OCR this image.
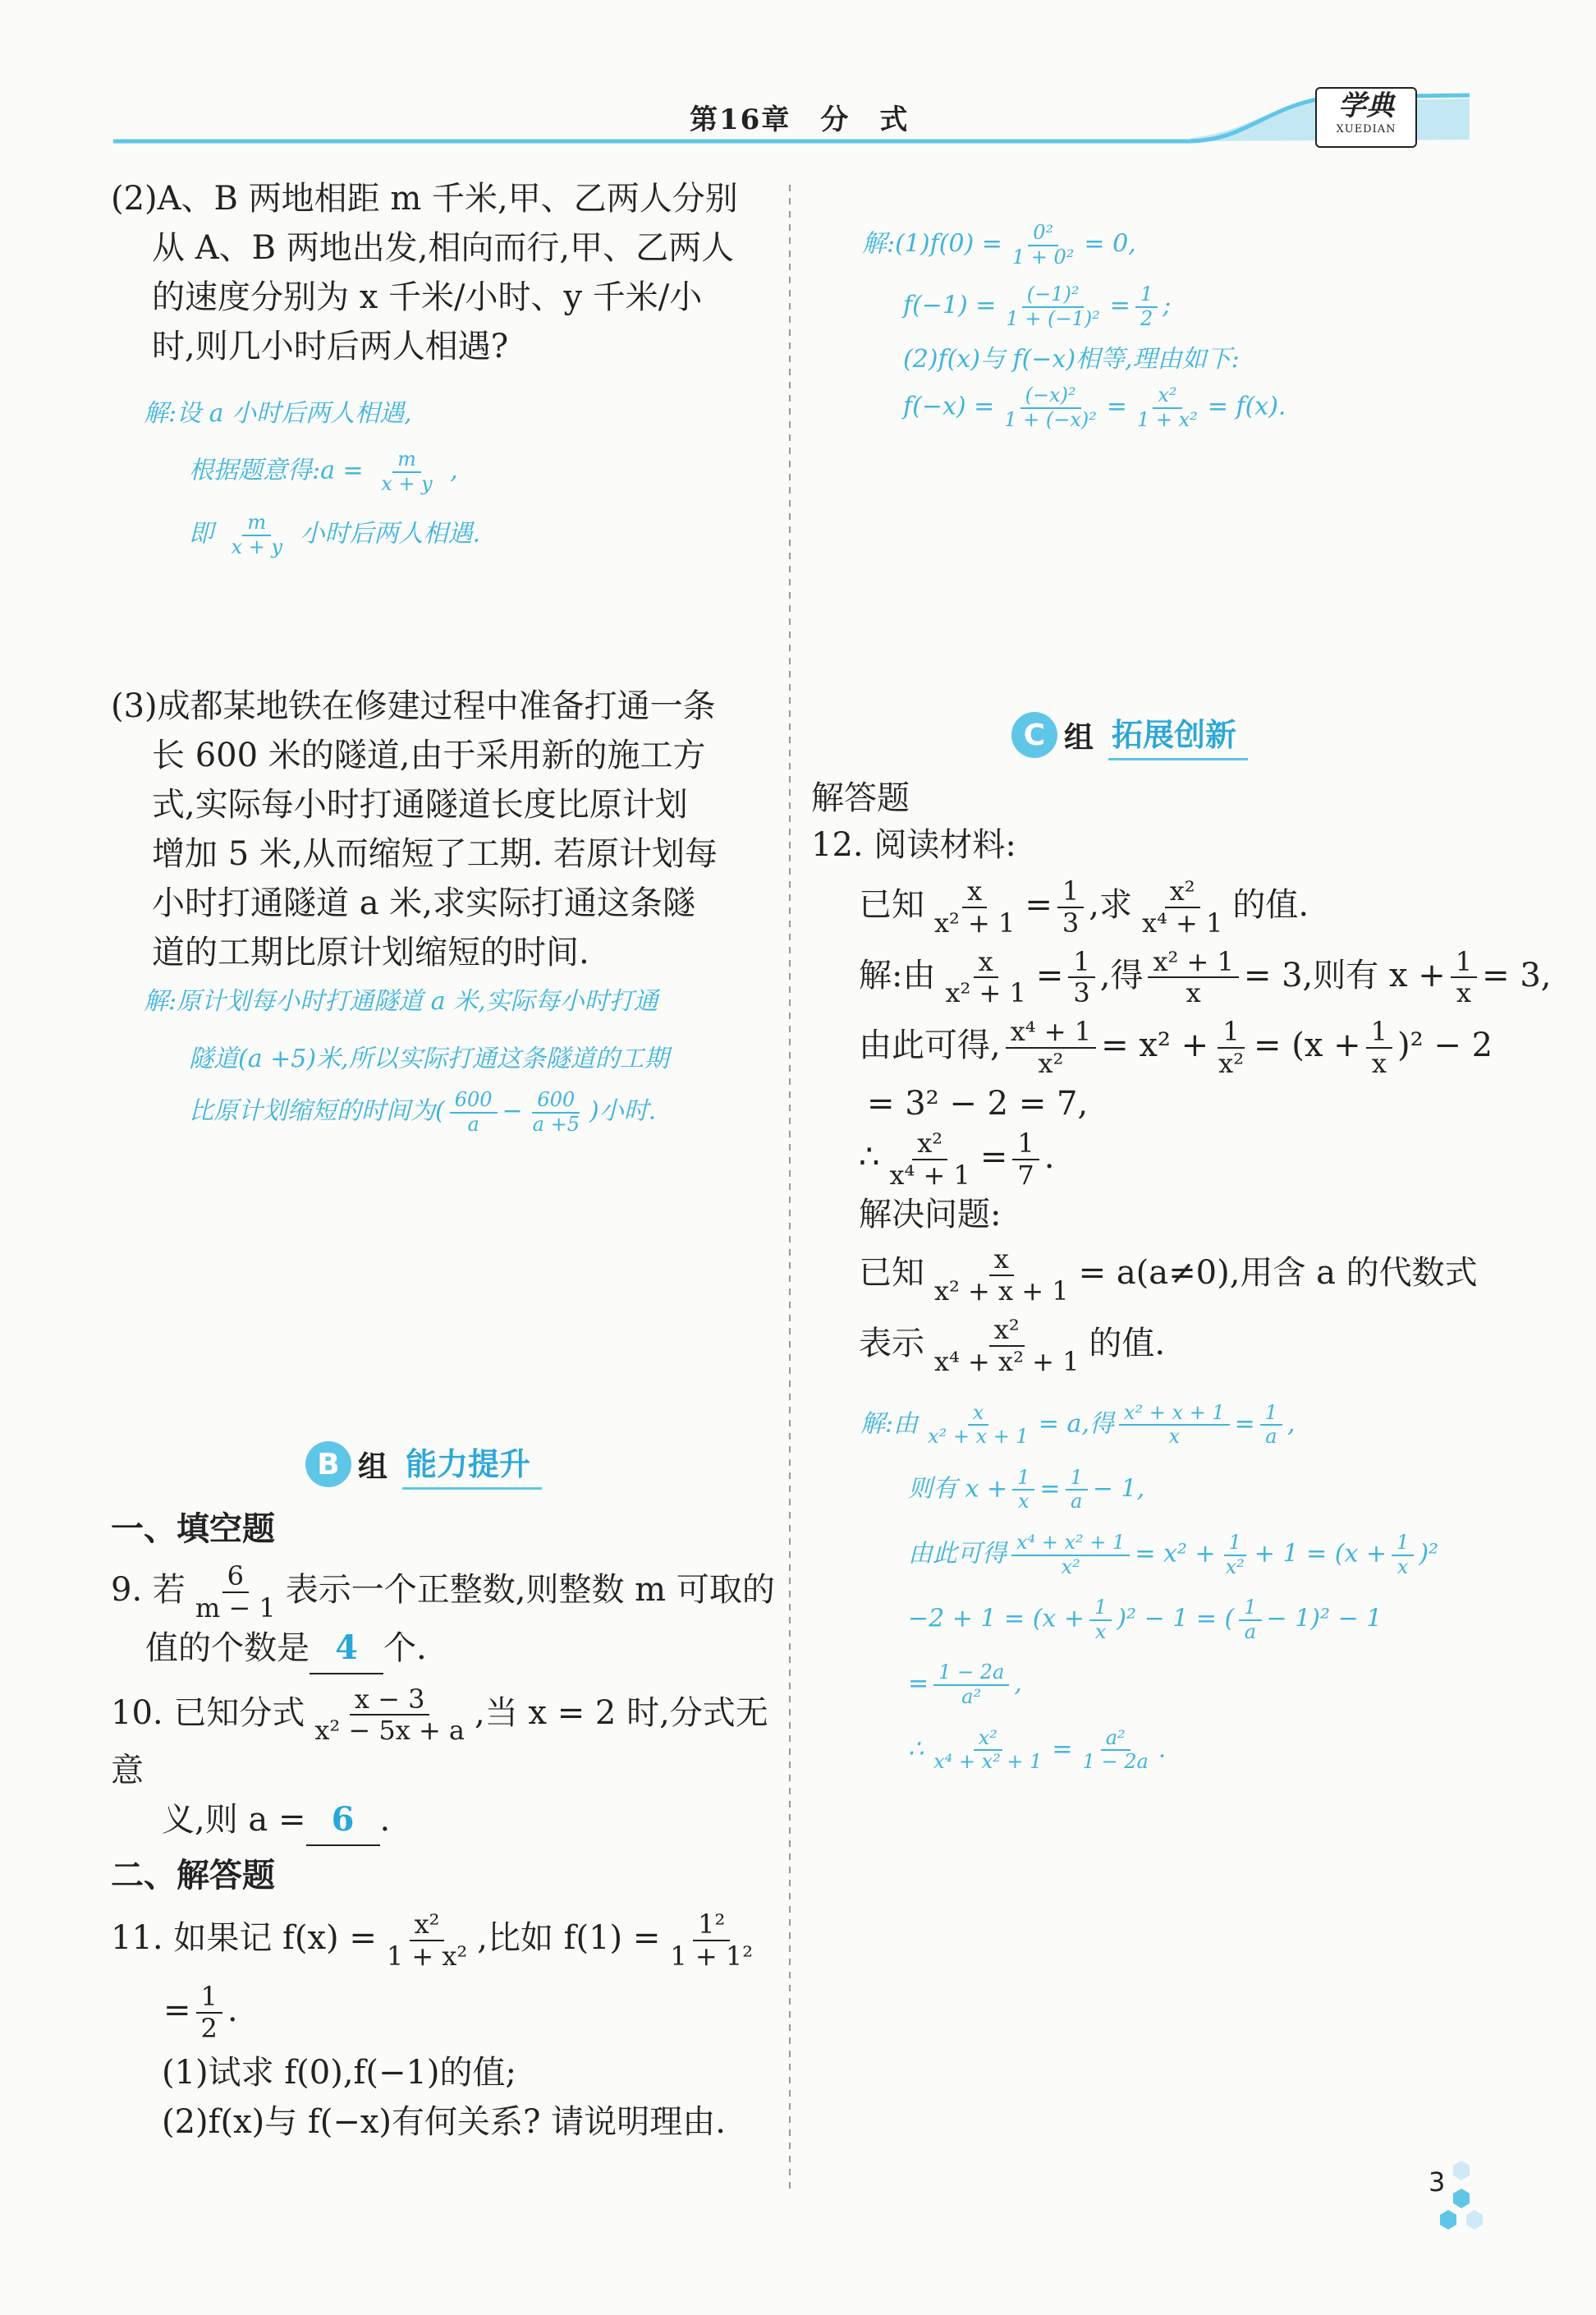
第16章　分　式	学典
XUEDIAN
(2)A、B 两地相距 m 千米,甲、乙两人分别
从 A、B 两地出发,相向而行,甲、乙两人
的速度分别为 x 千米/小时、y 千米/小
时,则几小时后两人相遇?
解:设 a 小时后两人相遇,
根据题意得:a = $\frac{m}{x + y}$ ,
即 $\frac{m}{x + y}$ 小时后两人相遇.
(3)成都某地铁在修建过程中准备打通一条
长 600 米的隧道,由于采用新的施工方
式,实际每小时打通隧道长度比原计划
增加 5 米,从而缩短了工期. 若原计划每
小时打通隧道 a 米,求实际打通这条隧
道的工期比原计划缩短的时间.
解:原计划每小时打通隧道 a 米,实际每小时打通
隧道(a +5)米,所以实际打通这条隧道的工期
比原计划缩短的时间为( $\frac{600}{a} - \frac{600}{a +5}$ )小时.
B 组 能力提升
一、填空题
9. 若 $\frac{6}{m - 1}$ 表示一个正整数,则整数 m 可取的
值的个数是 4 个.
10. 已知分式 $\frac{x - 3}{\text{x² − 5x + a}}$ ,当 x = 2 时,分式无意
义,则 a = 6 .
二、解答题
11. 如果记 $f(x) = \frac{\text{x²}}{\text{1 + x²}}$ ,比如 $f(1) = \frac{\text{1²}}{\text{1 + 1²}}$
= $\frac{1}{2}$ .
(1)试求 f(0),f(−1)的值;
(2)f(x)与 f(−x)有何关系? 请说明理由.
解:(1)f(0) = $\frac{\text{0²}}{\text{1 + 0²}} = 0$,
$f(-1) = \frac{\text{(−1)²}}{\text{1 + (−1)²}} = \frac{1}{2}$ ;
(2)f(x)与 f(−x)相等,理由如下:
$f(-x) = \frac{\text{(−x)²}}{\text{1 + (−x)²}} = \frac{\text{x²}}{\text{1 + x²}} = f(x)$.
C 组 拓展创新
解答题
12. 阅读材料:
已知 $\frac{x}{\text{x² + 1}} = \frac{1}{3}$ ,求 $\frac{\text{x²}}{\text{x⁴ + 1}}$ 的值.
解:由 $\frac{x}{\text{x² + 1}} = \frac{1}{3}$ ,得 $\frac{\text{x² + 1}}{x} = 3$,则有 $x + \frac{1}{x} = 3$,
由此可得, $\frac{\text{x⁴ + 1}}{\text{x²}} = x^2 + \frac{1}{\text{x²}} = (x + \frac{1}{x} )^2 - 2$
= 3² − 2 = 7,
∴ $\frac{\text{x²}}{\text{x⁴ + 1}} = \frac{1}{7}$ .
解决问题:
已知 $\frac{x}{\text{x² + x + 1}} = a(a\ne 0)$,用含 a 的代数式
表示 $\frac{\text{x²}}{\text{x⁴ + x² + 1}}$ 的值.
解:由 $\frac{x}{\text{x² + x + 1}} = a$,得 $\frac{\text{x² + x + 1}}{x} = \frac{1}{a}$ ,
则有 $x + \frac{1}{x} = \frac{1}{a} - 1$,
由此可得 $\frac{\text{x⁴ + x² + 1}}{\text{x²}} = x^2 + \frac{1}{\text{x²}} + 1 = (x + \frac{1}{x} )^2$
$-2 + 1 = (x + \frac{1}{x} )^2 - 1$ = ( $\frac{1}{a} - 1)^2 - 1$
= $\frac{1 - 2a}{\text{a²}}$ ,
∴ $\frac{\text{x²}}{\text{x⁴ + x² + 1}} = \frac{\text{a²}}{1 - 2a}$ .
3
